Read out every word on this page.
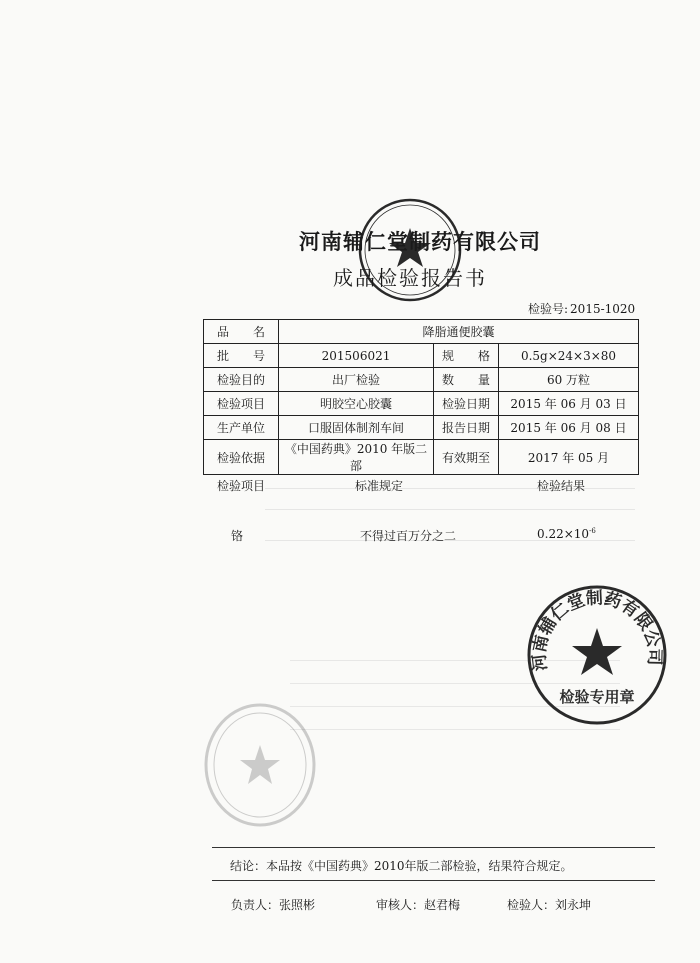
河南辅仁堂制药有限公司
检验专用章
河南辅仁堂制药有限公司
成品检验报告书
检验号: 2015-1020
品　　名	降脂通便胶囊		
批　　号	201506021	规　　格	0.5g×24×3×80
检验目的	出厂检验	数　　量	60 万粒
检验项目	明胶空心胶囊	检验日期	2015 年 06 月 03 日
生产单位	口服固体制剂车间	报告日期	2015 年 06 月 08 日
检验依据	《中国药典》2010 年版二部	有效期至	2017 年 05 月
检验项目	标准规定	检验结果
铬	不得过百万分之二	$0.22\times 10^{-6}$
结论：本品按《中国药典》2010年版二部检验，结果符合规定。
负责人：张照彬	审核人：赵君梅	检验人：刘永坤
